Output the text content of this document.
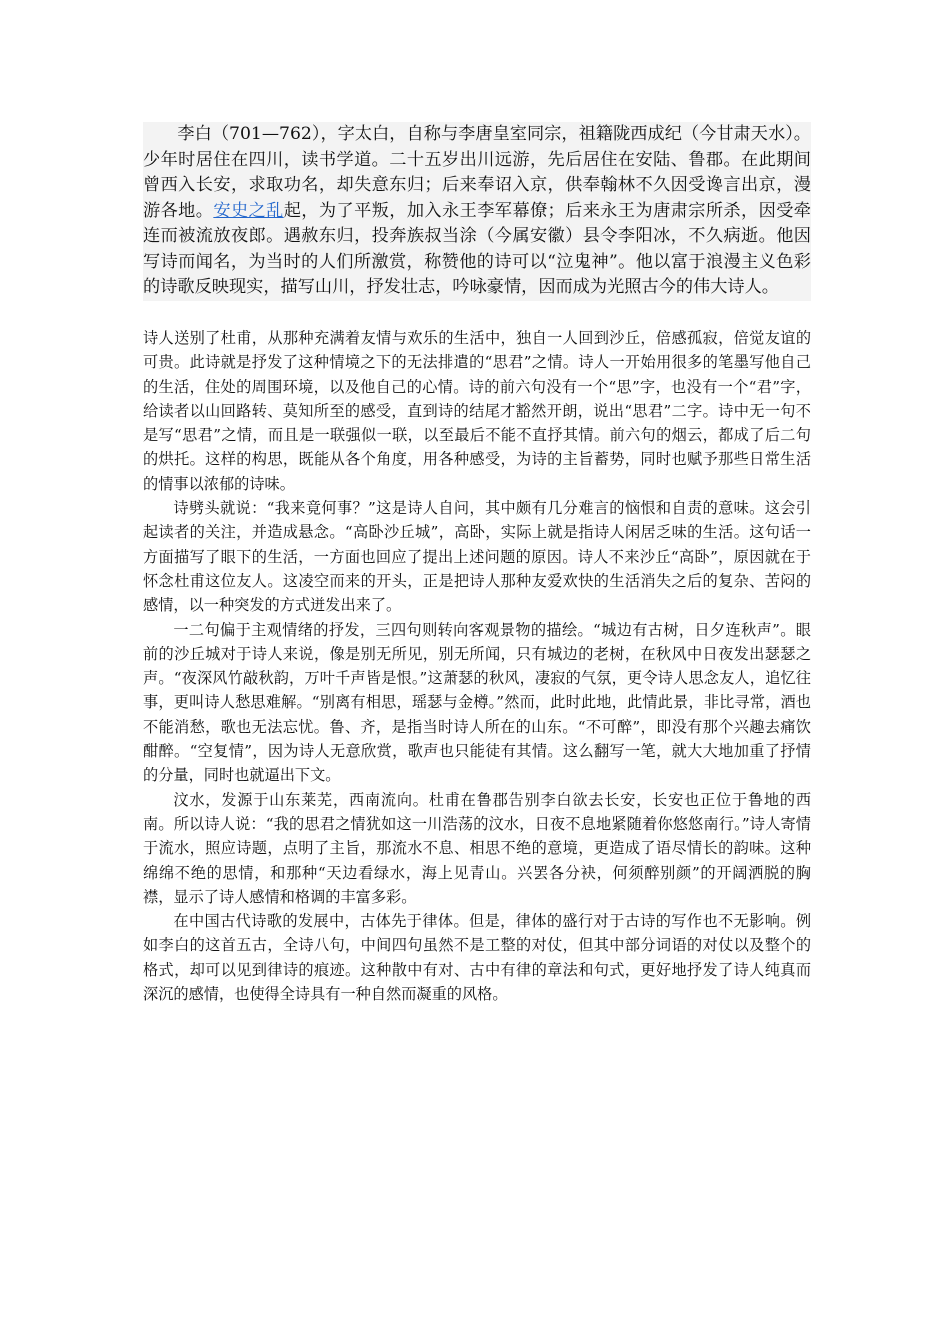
李白（701—762），字太白，自称与李唐皇室同宗，祖籍陇西成纪（今甘肃天水）。少年时居住在四川，读书学道。二十五岁出川远游，先后居住在安陆、鲁郡。在此期间曾西入长安，求取功名，却失意东归；后来奉诏入京，供奉翰林不久因受谗言出京，漫游各地。安史之乱起，为了平叛，加入永王李军幕僚；后来永王为唐肃宗所杀，因受牵连而被流放夜郎。遇赦东归，投奔族叔当涂（今属安徽）县令李阳冰，不久病逝。他因写诗而闻名，为当时的人们所激赏，称赞他的诗可以“泣鬼神”。他以富于浪漫主义色彩的诗歌反映现实，描写山川，抒发壮志，吟咏豪情，因而成为光照古今的伟大诗人。

诗人送别了杜甫，从那种充满着友情与欢乐的生活中，独自一人回到沙丘，倍感孤寂，倍觉友谊的可贵。此诗就是抒发了这种情境之下的无法排遣的“思君”之情。诗人一开始用很多的笔墨写他自己的生活，住处的周围环境，以及他自己的心情。诗的前六句没有一个“思”字，也没有一个“君”字，给读者以山回路转、莫知所至的感受，直到诗的结尾才豁然开朗，说出“思君”二字。诗中无一句不是写“思君”之情，而且是一联强似一联，以至最后不能不直抒其情。前六句的烟云，都成了后二句的烘托。这样的构思，既能从各个角度，用各种感受，为诗的主旨蓄势，同时也赋予那些日常生活的情事以浓郁的诗味。

诗劈头就说：“我来竟何事？”这是诗人自问，其中颇有几分难言的恼恨和自责的意味。这会引起读者的关注，并造成悬念。“高卧沙丘城”，高卧，实际上就是指诗人闲居乏味的生活。这句话一方面描写了眼下的生活，一方面也回应了提出上述问题的原因。诗人不来沙丘“高卧”，原因就在于怀念杜甫这位友人。这凌空而来的开头，正是把诗人那种友爱欢快的生活消失之后的复杂、苦闷的感情，以一种突发的方式迸发出来了。

一二句偏于主观情绪的抒发，三四句则转向客观景物的描绘。“城边有古树，日夕连秋声”。眼前的沙丘城对于诗人来说，像是别无所见，别无所闻，只有城边的老树，在秋风中日夜发出瑟瑟之声。“夜深风竹敲秋韵，万叶千声皆是恨。”这萧瑟的秋风，凄寂的气氛，更令诗人思念友人，追忆往事，更叫诗人愁思难解。“别离有相思，瑶瑟与金樽。”然而，此时此地，此情此景，非比寻常，酒也不能消愁，歌也无法忘忧。鲁、齐，是指当时诗人所在的山东。“不可醉”，即没有那个兴趣去痛饮酣醉。“空复情”，因为诗人无意欣赏，歌声也只能徒有其情。这么翻写一笔，就大大地加重了抒情的分量，同时也就逼出下文。

汶水，发源于山东莱芜，西南流向。杜甫在鲁郡告别李白欲去长安，长安也正位于鲁地的西南。所以诗人说：“我的思君之情犹如这一川浩荡的汶水，日夜不息地紧随着你悠悠南行。”诗人寄情于流水，照应诗题，点明了主旨，那流水不息、相思不绝的意境，更造成了语尽情长的韵味。这种绵绵不绝的思情，和那种“天边看绿水，海上见青山。兴罢各分袂，何须醉别颜”的开阔洒脱的胸襟，显示了诗人感情和格调的丰富多彩。

在中国古代诗歌的发展中，古体先于律体。但是，律体的盛行对于古诗的写作也不无影响。例如李白的这首五古，全诗八句，中间四句虽然不是工整的对仗，但其中部分词语的对仗以及整个的格式，却可以见到律诗的痕迹。这种散中有对、古中有律的章法和句式，更好地抒发了诗人纯真而深沉的感情，也使得全诗具有一种自然而凝重的风格。
